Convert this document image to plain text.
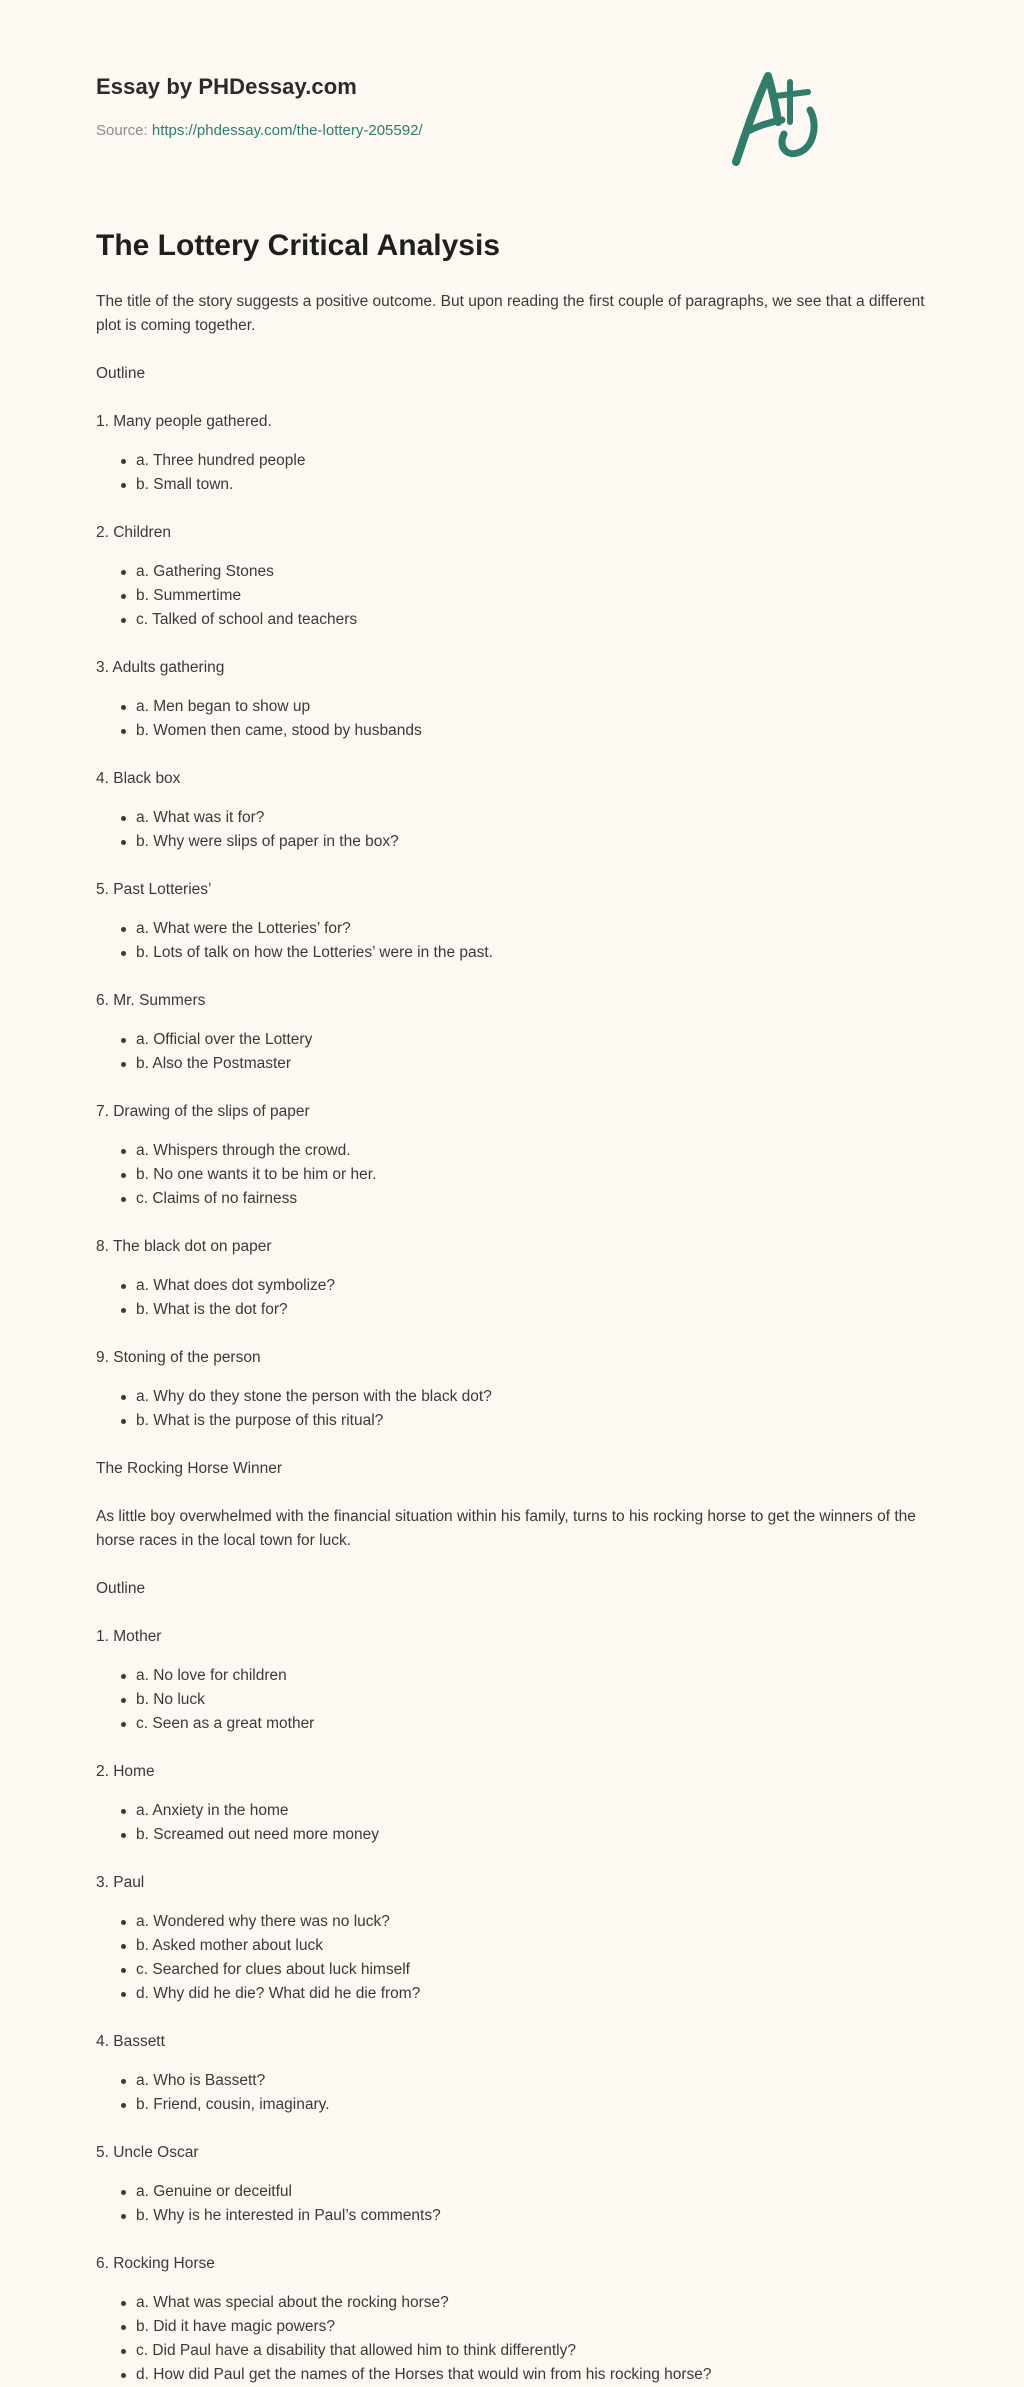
Essay by PHDessay.com
Source: https://phdessay.com/the-lottery-205592/
The Lottery Critical Analysis

The title of the story suggests a positive outcome. But upon reading the first couple of paragraphs, we see that a different plot is coming together.

Outline

1. Many people gathered.

a. Three hundred people
b. Small town.

2. Children

a. Gathering Stones
b. Summertime
c. Talked of school and teachers

3. Adults gathering

a. Men began to show up
b. Women then came, stood by husbands

4. Black box

a. What was it for?
b. Why were slips of paper in the box?

5. Past Lotteries’

a. What were the Lotteries’ for?
b. Lots of talk on how the Lotteries’ were in the past.

6. Mr. Summers

a. Official over the Lottery
b. Also the Postmaster

7. Drawing of the slips of paper

a. Whispers through the crowd.
b. No one wants it to be him or her.
c. Claims of no fairness

8. The black dot on paper

a. What does dot symbolize?
b. What is the dot for?

9. Stoning of the person

a. Why do they stone the person with the black dot?
b. What is the purpose of this ritual?

The Rocking Horse Winner

As little boy overwhelmed with the financial situation within his family, turns to his rocking horse to get the winners of the horse races in the local town for luck.

Outline

1. Mother

a. No love for children
b. No luck
c. Seen as a great mother

2. Home

a. Anxiety in the home
b. Screamed out need more money

3. Paul

a. Wondered why there was no luck?
b. Asked mother about luck
c. Searched for clues about luck himself
d. Why did he die? What did he die from?

4. Bassett

a. Who is Bassett?
b. Friend, cousin, imaginary.

5. Uncle Oscar

a. Genuine or deceitful
b. Why is he interested in Paul’s comments?

6. Rocking Horse

a. What was special about the rocking horse?
b. Did it have magic powers?
c. Did Paul have a disability that allowed him to think differently?
d. How did Paul get the names of the Horses that would win from his rocking horse?
